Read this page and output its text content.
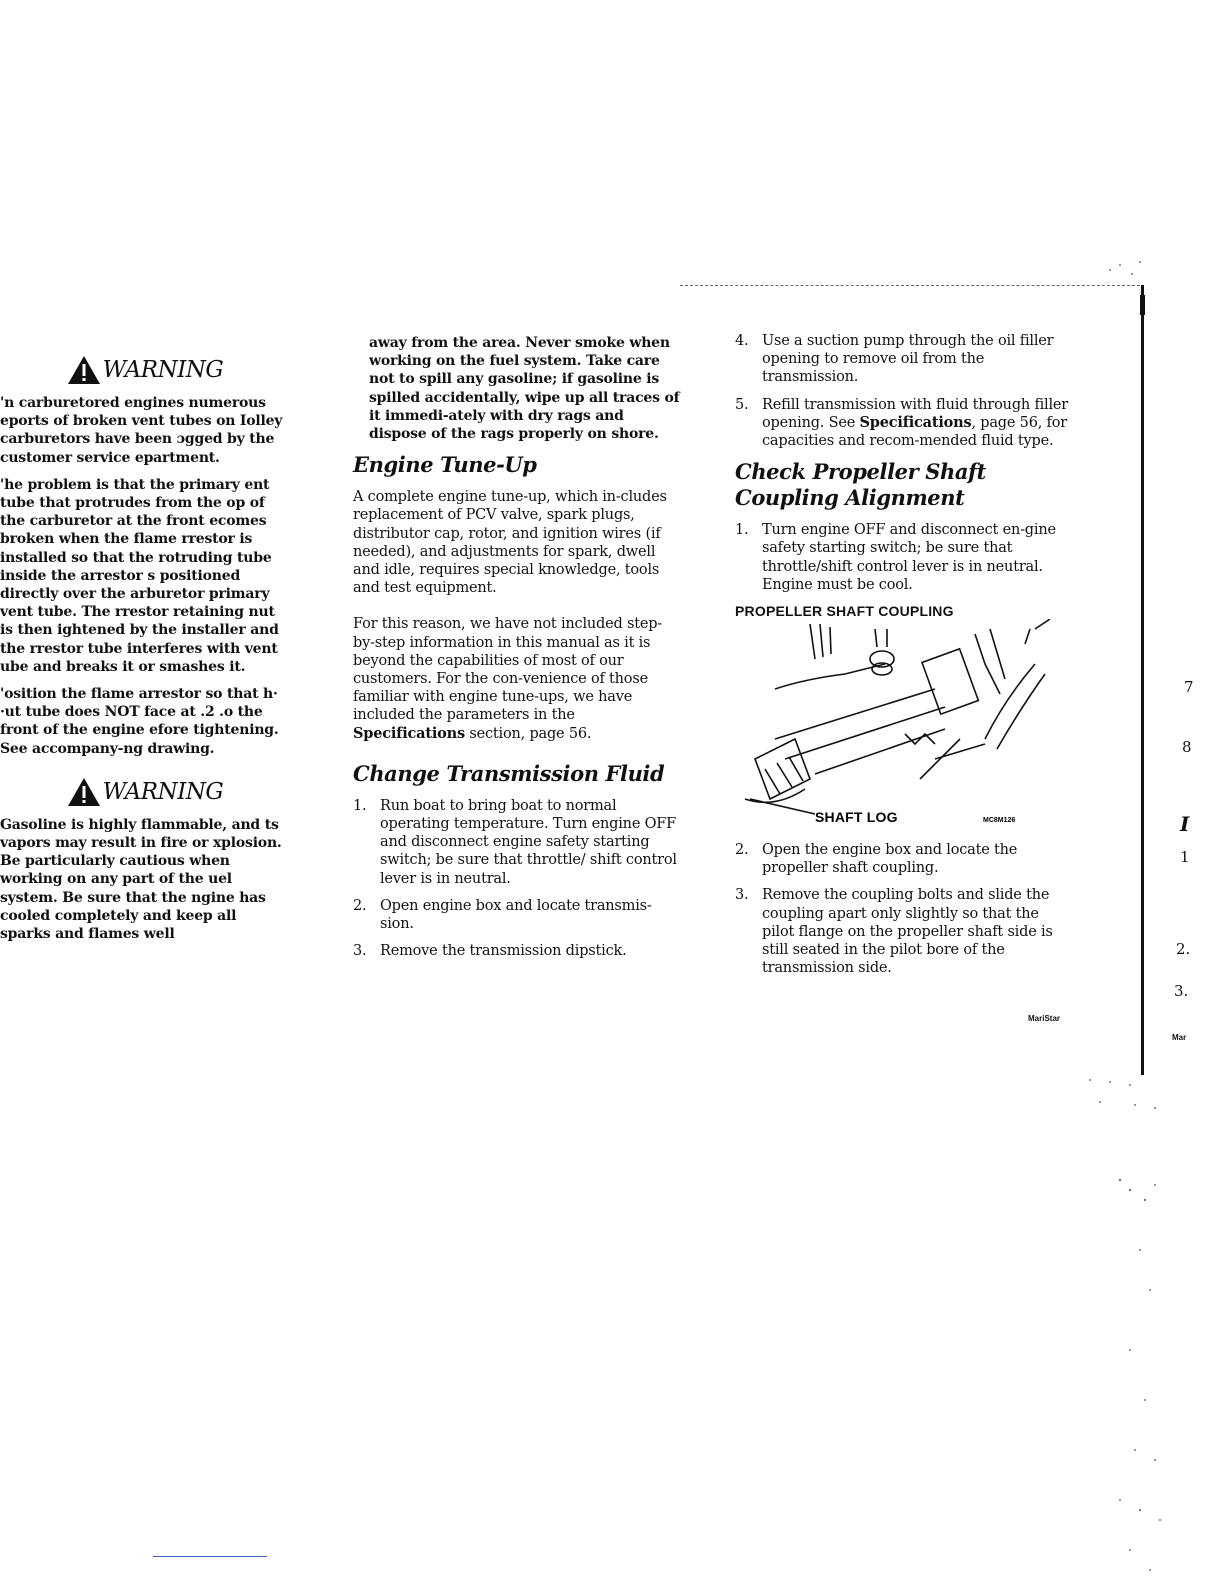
WARNING

'n carburetored engines numerous eports of broken vent tubes on Iolley carburetors have been ɔgged by the customer service epartment.

'he problem is that the primary ent tube that protrudes from the op of the carburetor at the front ecomes broken when the flame rrestor is installed so that the rotruding tube inside the arrestor s positioned directly over the arburetor primary vent tube. The rrestor retaining nut is then ightened by the installer and the rrestor tube interferes with vent ube and breaks it or smashes it.

'osition the flame arrestor so that h· ·ut tube does NOT face at .2 .o the front of the engine efore tightening. See accompany-ng drawing.

WARNING

Gasoline is highly flammable, and ts vapors may result in fire or xplosion. Be particularly cautious when working on any part of the uel system. Be sure that the ngine has cooled completely and keep all sparks and flames well

away from the area. Never smoke when working on the fuel system. Take care not to spill any gasoline; if gasoline is spilled accidentally, wipe up all traces of it immedi-ately with dry rags and dispose of the rags properly on shore.

Engine Tune-Up

A complete engine tune-up, which in-cludes replacement of PCV valve, spark plugs, distributor cap, rotor, and ignition wires (if needed), and adjustments for spark, dwell and idle, requires special knowledge, tools and test equipment.

For this reason, we have not included step-by-step information in this manual as it is beyond the capabilities of most of our customers. For the con-venience of those familiar with engine tune-ups, we have included the parameters in the Specifications section, page 56.

Change Transmission Fluid
1. Run boat to bring boat to normal operating temperature. Turn engine OFF and disconnect engine safety starting switch; be sure that throttle/ shift control lever is in neutral.
2. Open engine box and locate transmis-sion.
3. Remove the transmission dipstick.
4. Use a suction pump through the oil filler opening to remove oil from the transmission.
5. Refill transmission with fluid through filler opening. See Specifications, page 56, for capacities and recom-mended fluid type.
Check Propeller Shaft Coupling Alignment
1. Turn engine OFF and disconnect en-gine safety starting switch; be sure that throttle/shift control lever is in neutral. Engine must be cool.
PROPELLER SHAFT COUPLING
SHAFT LOG	MC8M126
2. Open the engine box and locate the propeller shaft coupling.
3. Remove the coupling bolts and slide the coupling apart only slightly so that the pilot flange on the propeller shaft side is still seated in the pilot bore of the transmission side.
MariStar
7
8
I
1
2.
3.
Mar
